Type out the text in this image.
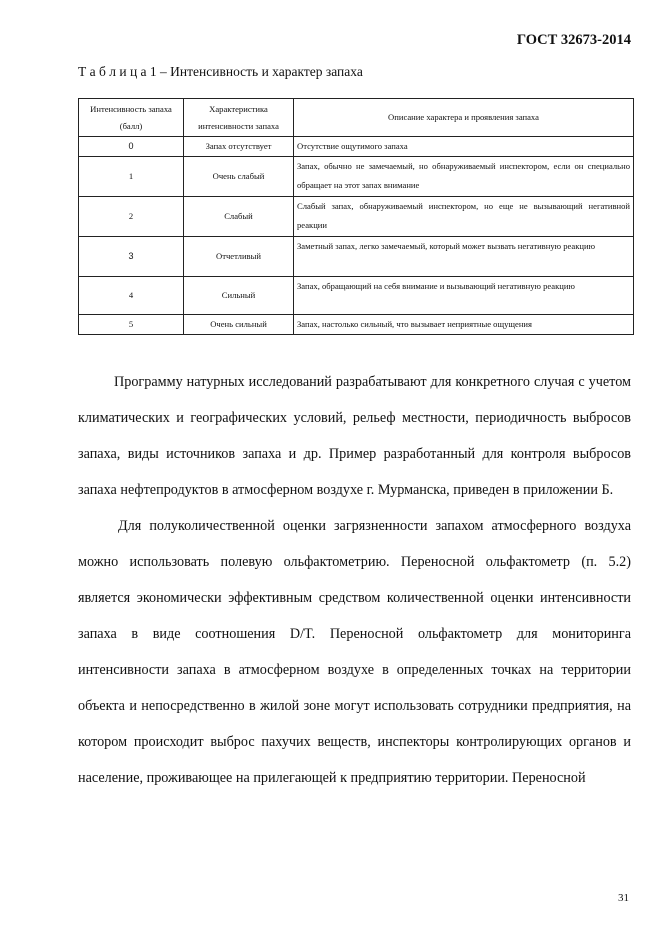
ГОСТ 32673-2014
Т а б л и ц а 1 – Интенсивность и характер запаха
Интенсивность запаха (балл)	Характеристика интенсивности запаха	Описание характера и проявления запаха
0	Запах отсутствует	Отсутствие ощутимого запаха

1	Очень слабый	Запах, обычно не замечаемый, но обнаруживаемый инспектором, если он специально обращает на этот запах внимание

2	Слабый	Слабый запах, обнаруживаемый инспектором, но еще не вызывающий негативной реакции

3	Отчетливый	Заметный запах, легко замечаемый, который может вызвать негативную реакцию

4	Сильный	Запах, обращающий на себя внимание и вызывающий негативную реакцию

5	Очень сильный	Запах, настолько сильный, что вызывает неприятные ощущения

Программу натурных исследований разрабатывают для конкретного случая с учетом климатических и географических условий, рельеф местности, периодичность выбросов запаха, виды источников запаха и др. Пример разработанный для контроля выбросов запаха нефтепродуктов в атмосферном воздухе г. Мурманска, приведен в приложении Б.

Для полуколичественной оценки загрязненности запахом атмосферного воздуха можно использовать полевую ольфактометрию. Переносной ольфактометр (п. 5.2) является экономически эффективным средством количественной оценки интенсивности запаха в виде соотношения D/T. Переносной ольфактометр для мониторинга интенсивности запаха в атмосферном воздухе в определенных точках на территории объекта и непосредственно в жилой зоне могут использовать сотрудники предприятия, на котором происходит выброс пахучих веществ, инспекторы контролирующих органов и население, проживающее на прилегающей к предприятию территории. Переносной

31
